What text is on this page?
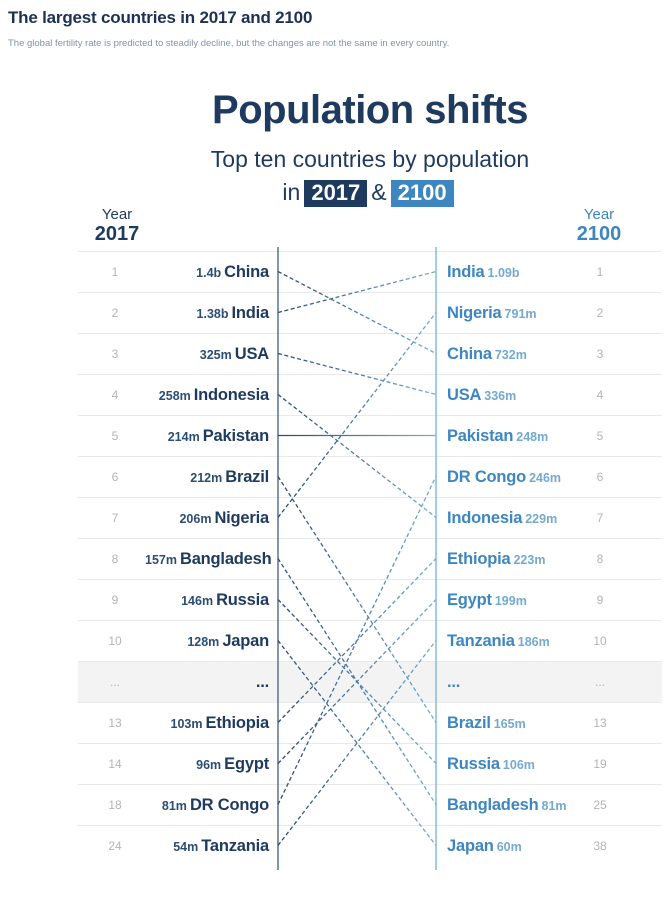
The largest countries in 2017 and 2100
The global fertility rate is predicted to steadily decline, but the changes are not the same in every country.
Population shifts
Top ten countries by population
in 2017 & 2100
Year
2017
Year
2100
1	1.4b China	India 1.09b	1
2	1.38b India	Nigeria 791m	2
3	325m USA	China 732m	3
4	258m Indonesia	USA 336m	4
5	214m Pakistan	Pakistan 248m	5
6	212m Brazil	DR Congo 246m	6
7	206m Nigeria	Indonesia 229m	7
8	157m Bangladesh	Ethiopia 223m	8
9	146m Russia	Egypt 199m	9
10	128m Japan	Tanzania 186m	10
...	...	...	...
13	103m Ethiopia	Brazil 165m	13
14	96m Egypt	Russia 106m	19
18	81m DR Congo	Bangladesh 81m	25
24	54m Tanzania	Japan 60m	38
